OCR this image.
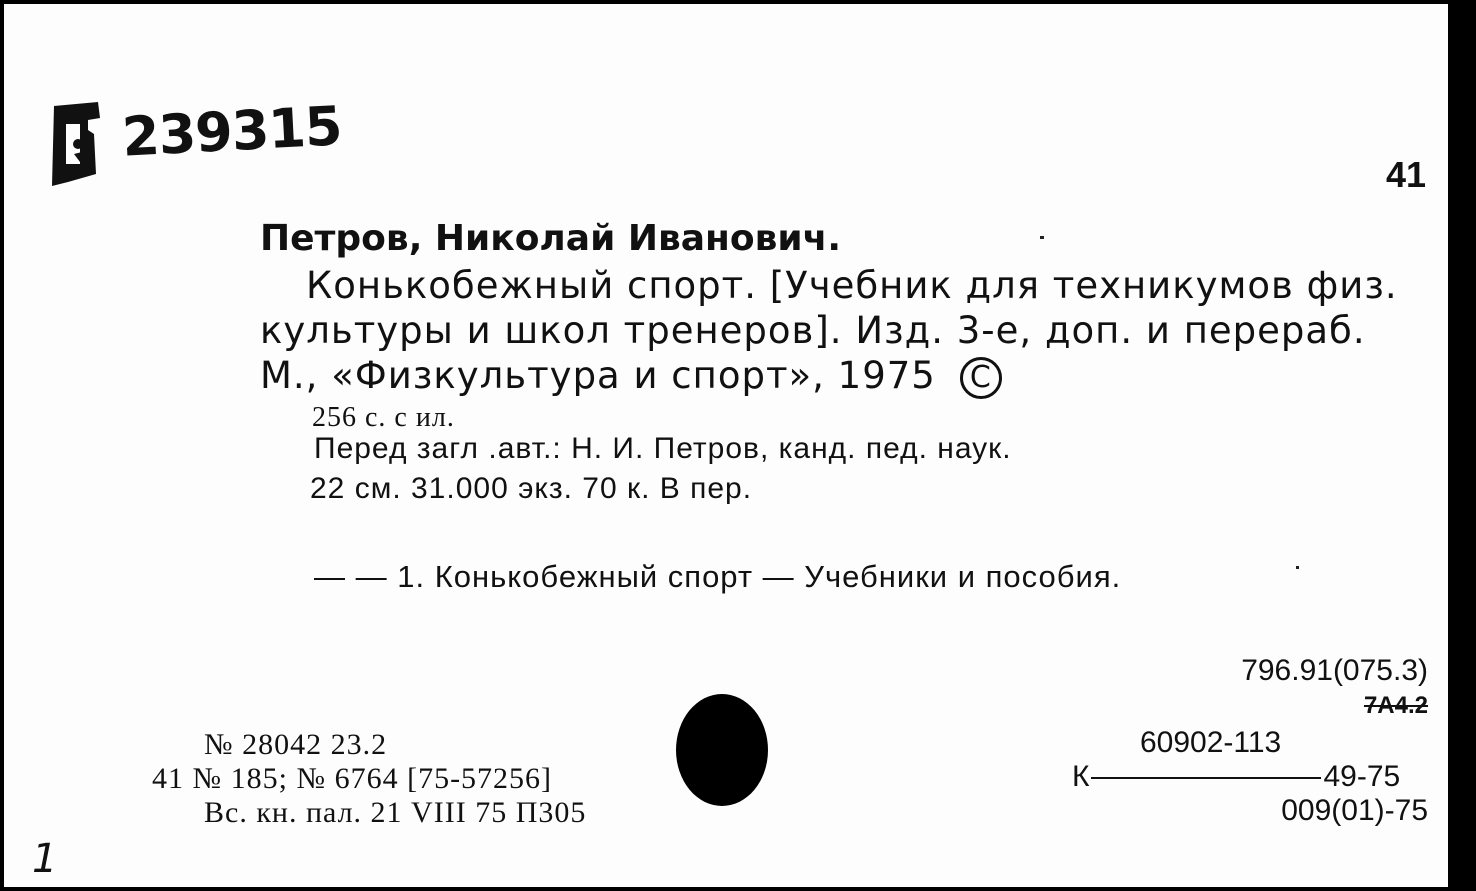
239315
41
Петров, Николай Иванович.
Конькобежный спорт. [Учебник для техникумов физ.
культуры и школ тренеров]. Изд. 3-е, доп. и перераб.
М., «Физкультура и спорт», 1975 C
256 с. с ил.
Перед загл .авт.: Н. И. Петров, канд. пед. наук.
22 см. 31.000 экз. 70 к. В пер.
— — 1. Конькобежный спорт — Учебники и пособия.
796.91(075.3)
7А4.2
60902-113
К	49-75
009(01)-75
№ 28042 23.2
41 № 185; № 6764 [75-57256]
Вс. кн. пал. 21 VIII 75 П305
1
